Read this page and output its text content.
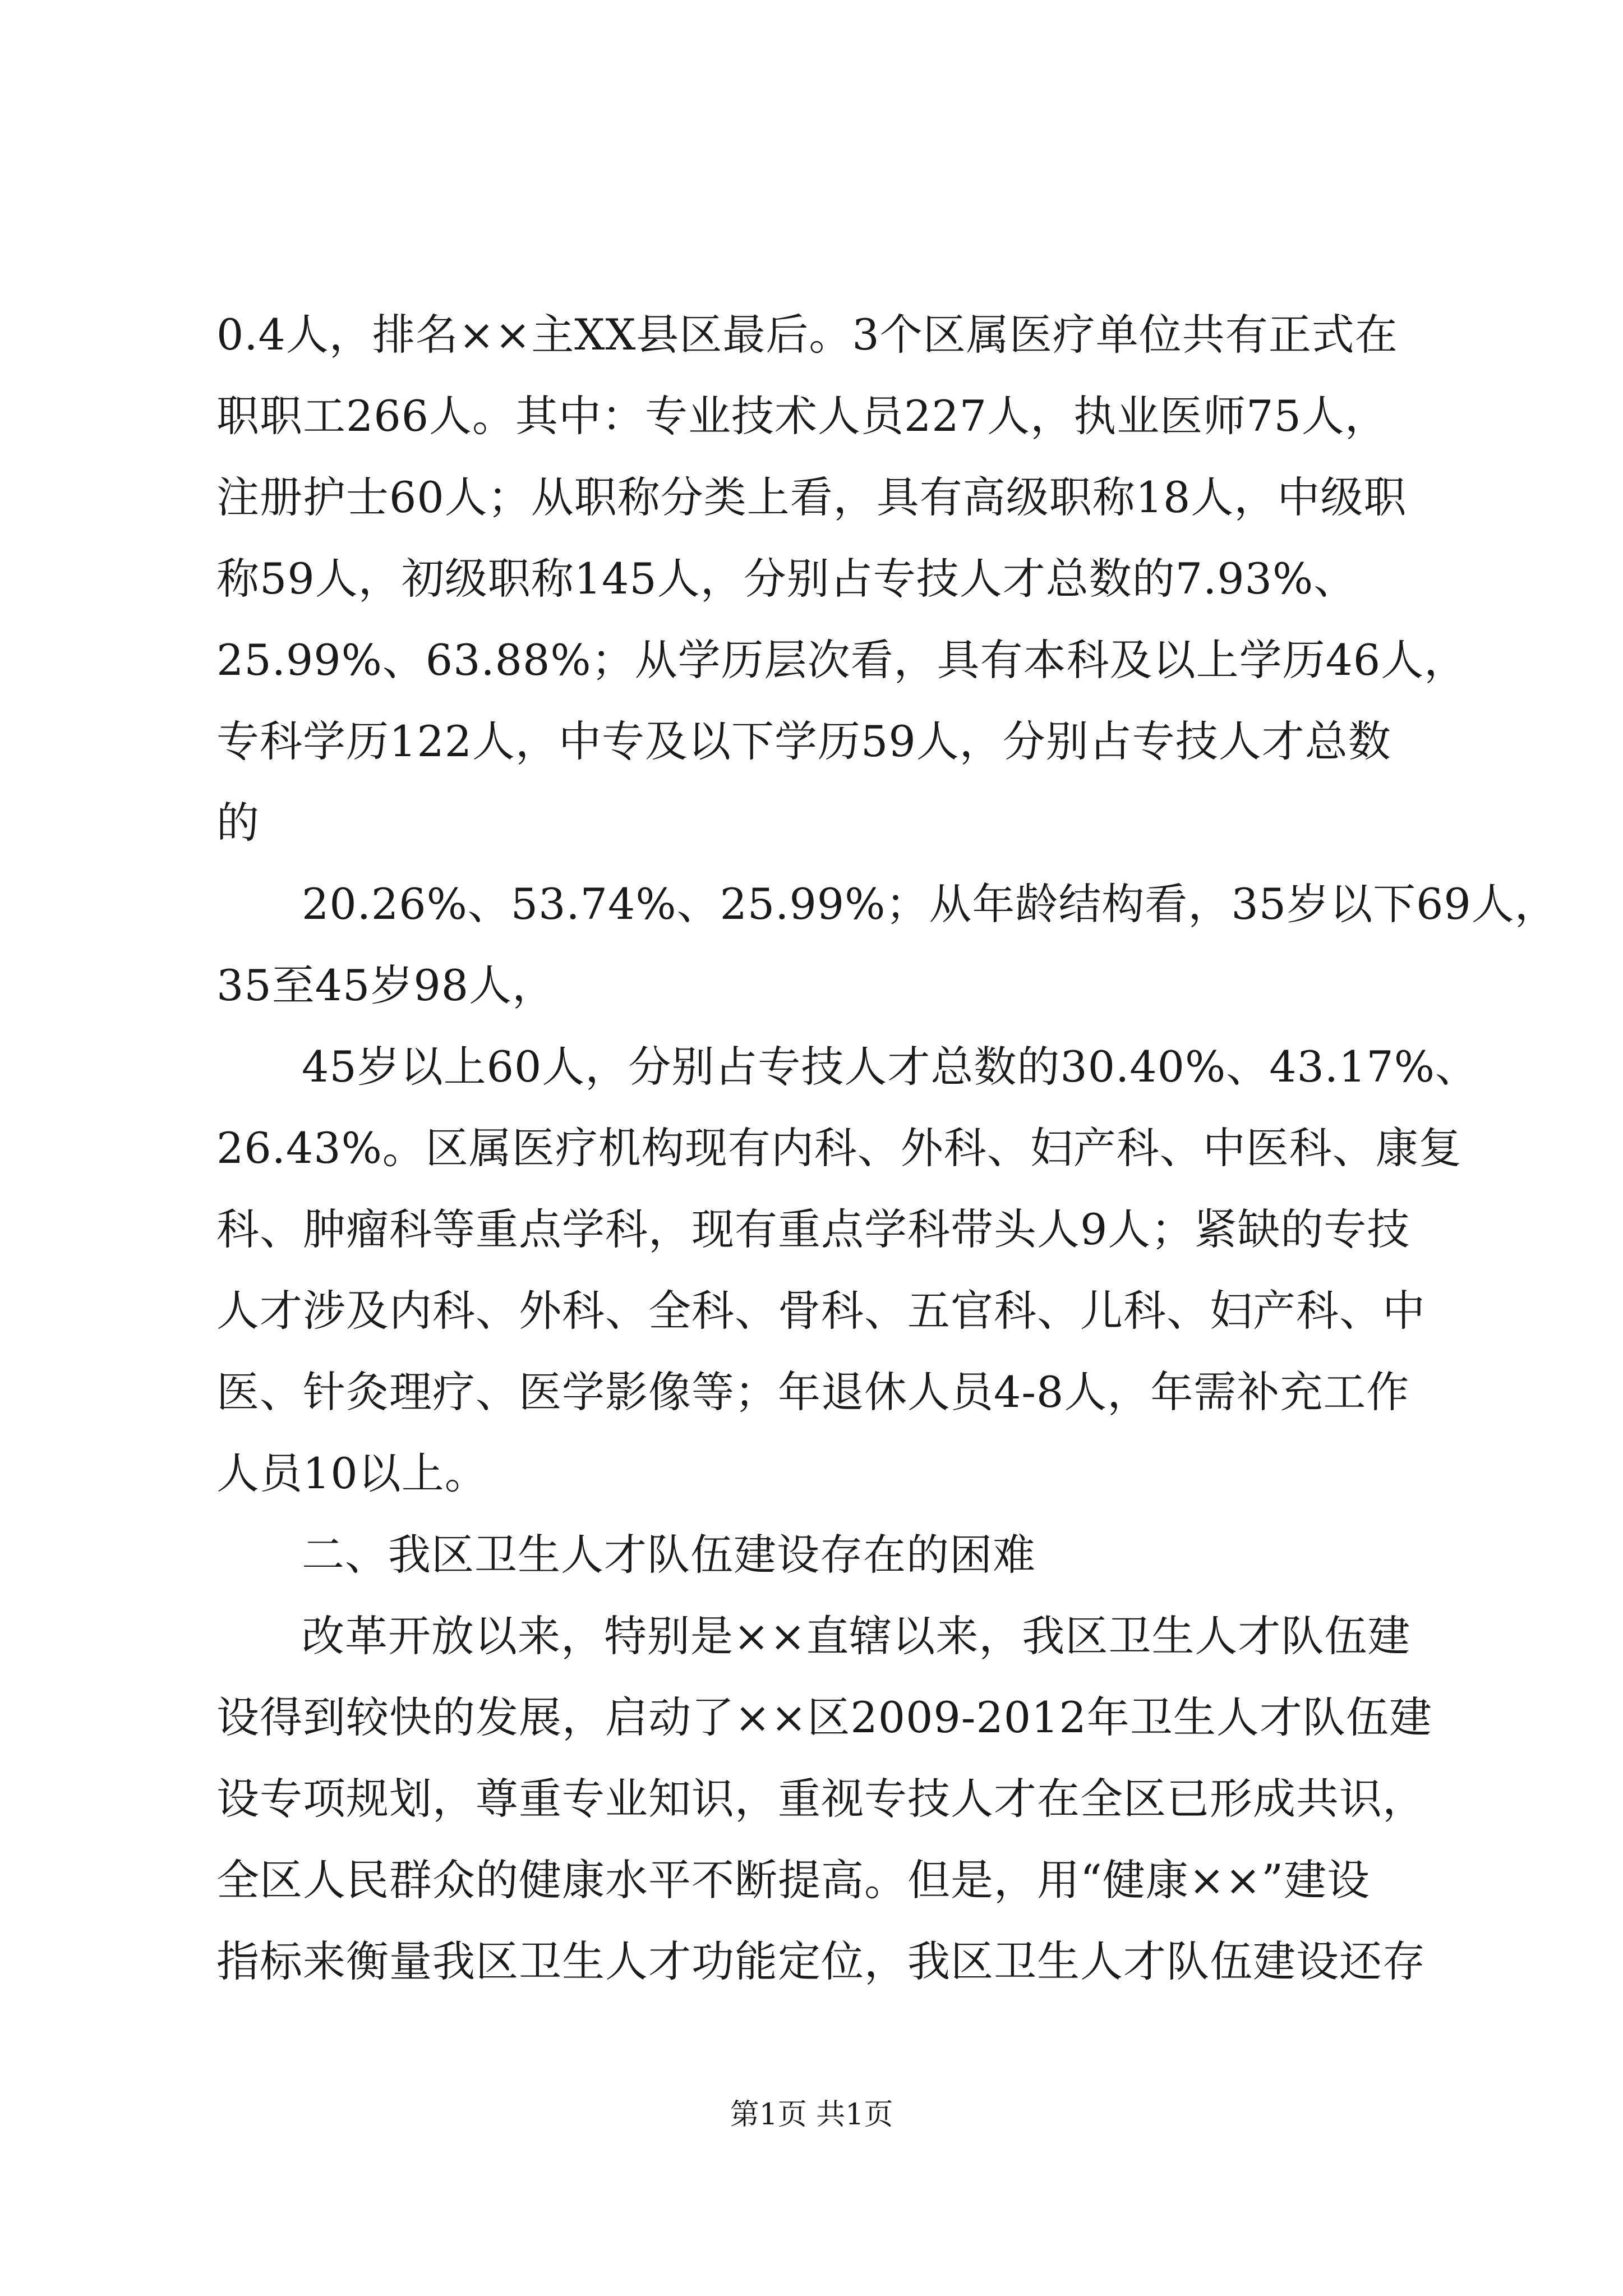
0.4人，排名××主XX县区最后。3个区属医疗单位共有正式在
职职工266人。其中：专业技术人员227人，执业医师75人，
注册护士60人；从职称分类上看，具有高级职称18人，中级职
称59人，初级职称145人，分别占专技人才总数的7.93%、
25.99%、63.88%；从学历层次看，具有本科及以上学历46人，
专科学历122人，中专及以下学历59人，分别占专技人才总数
的
20.26%、53.74%、25.99%；从年龄结构看，35岁以下69人，
35至45岁98人，
45岁以上60人，分别占专技人才总数的30.40%、43.17%、
26.43%。区属医疗机构现有内科、外科、妇产科、中医科、康复
科、肿瘤科等重点学科，现有重点学科带头人9人；紧缺的专技
人才涉及内科、外科、全科、骨科、五官科、儿科、妇产科、中
医、针灸理疗、医学影像等；年退休人员4-8人，年需补充工作
人员10以上。
二、我区卫生人才队伍建设存在的困难
改革开放以来，特别是××直辖以来，我区卫生人才队伍建
设得到较快的发展，启动了××区2009-2012年卫生人才队伍建
设专项规划，尊重专业知识，重视专技人才在全区已形成共识，
全区人民群众的健康水平不断提高。但是，用“健康××”建设
指标来衡量我区卫生人才功能定位，我区卫生人才队伍建设还存
第1页 共1页
